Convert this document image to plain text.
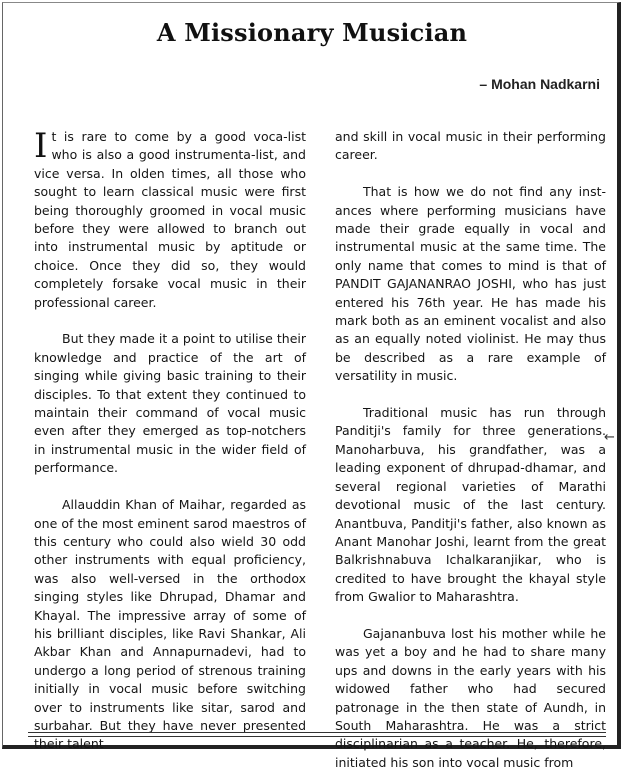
A Missionary Musician
– Mohan Nadkarni

It is rare to come by a good voca-list who is also a good instrumenta-list, and vice versa. In olden times, all those who sought to learn classical music were first being thoroughly groomed in vocal music before they were allowed to branch out into instrumental music by aptitude or choice. Once they did so, they would completely forsake vocal music in their professional career.

But they made it a point to utilise their knowledge and practice of the art of singing while giving basic training to their disciples. To that extent they continued to maintain their command of vocal music even after they emerged as top-notchers in instrumental music in the wider field of performance.

Allauddin Khan of Maihar, regarded as one of the most eminent sarod maestros of this century who could also wield 30 odd other instruments with equal proficiency, was also well-versed in the orthodox singing styles like Dhrupad, Dhamar and Khayal. The impressive array of some of his brilliant disciples, like Ravi Shankar, Ali Akbar Khan and Annapurnadevi, had to undergo a long period of strenous training initially in vocal music before switching over to instruments like sitar, sarod and surbahar. But they have never presented their talent

and skill in vocal music in their performing career.

That is how we do not find any inst-ances where performing musicians have made their grade equally in vocal and instrumental music at the same time. The only name that comes to mind is that of PANDIT GAJANANRAO JOSHI, who has just entered his 76th year. He has made his mark both as an eminent vocalist and also as an equally noted violinist. He may thus be described as a rare example of versatility in music.

Traditional music has run through Panditji's family for three generations. Manoharbuva, his grandfather, was a leading exponent of dhrupad-dhamar, and several regional varieties of Marathi devotional music of the last century. Anantbuva, Panditji's father, also known as Anant Manohar Joshi, learnt from the great Balkrishnabuva Ichalkaranjikar, who is credited to have brought the khayal style from Gwalior to Maharashtra.

Gajananbuva lost his mother while he was yet a boy and he had to share many ups and downs in the early years with his widowed father who had secured patronage in the then state of Aundh, in South Maharashtra. He was a strict disciplinarian as a teacher. He, therefore, initiated his son into vocal music from

←
